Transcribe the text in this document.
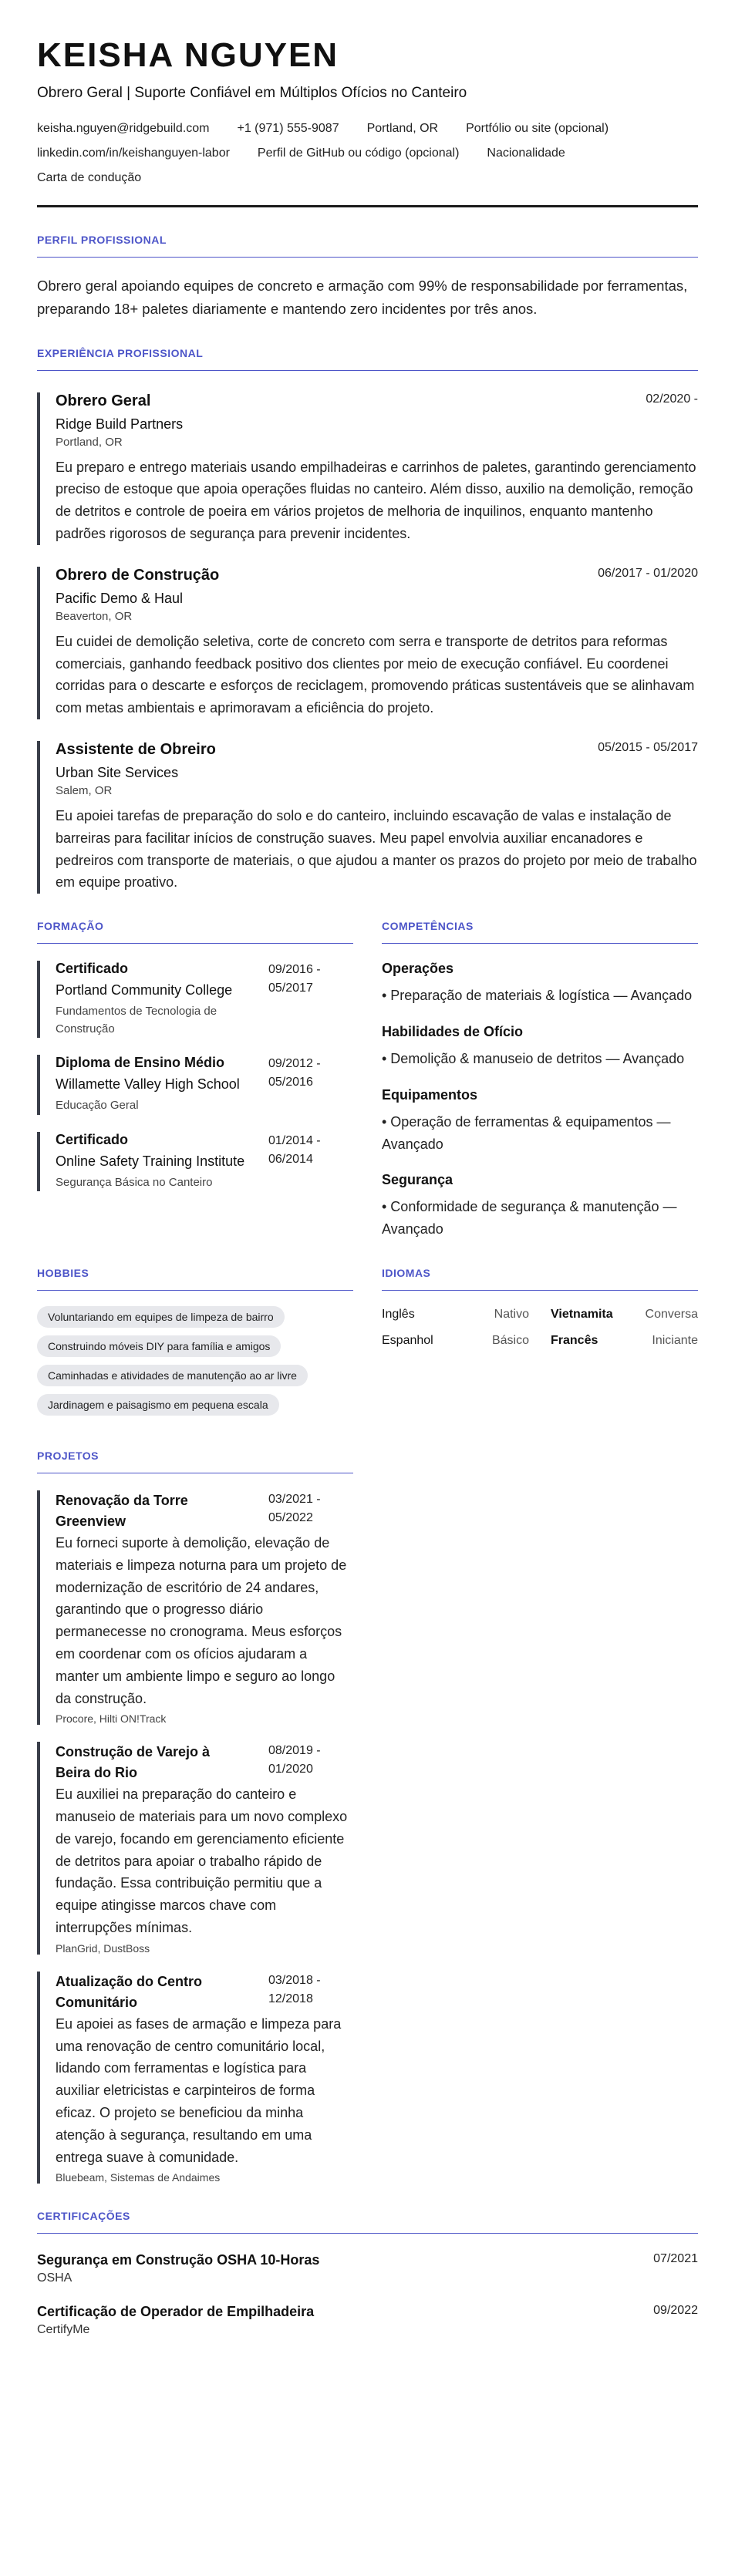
KEISHA NGUYEN
Obrero Geral | Suporte Confiável em Múltiplos Ofícios no Canteiro
keisha.nguyen@ridgebuild.com +1 (971) 555-9087 Portland, OR Portfólio ou site (opcional)
linkedin.com/in/keishanguyen-labor Perfil de GitHub ou código (opcional) Nacionalidade
Carta de condução
PERFIL PROFISSIONAL
Obrero geral apoiando equipes de concreto e armação com 99% de responsabilidade por ferramentas, preparando 18+ paletes diariamente e mantendo zero incidentes por três anos.
EXPERIÊNCIA PROFISSIONAL
Obrero Geral	02/2020 -
Ridge Build Partners
Portland, OR
Eu preparo e entrego materiais usando empilhadeiras e carrinhos de paletes, garantindo gerenciamento preciso de estoque que apoia operações fluidas no canteiro. Além disso, auxilio na demolição, remoção de detritos e controle de poeira em vários projetos de melhoria de inquilinos, enquanto mantenho padrões rigorosos de segurança para prevenir incidentes.
Obrero de Construção	06/2017 - 01/2020
Pacific Demo & Haul
Beaverton, OR
Eu cuidei de demolição seletiva, corte de concreto com serra e transporte de detritos para reformas comerciais, ganhando feedback positivo dos clientes por meio de execução confiável. Eu coordenei corridas para o descarte e esforços de reciclagem, promovendo práticas sustentáveis que se alinhavam com metas ambientais e aprimoravam a eficiência do projeto.
Assistente de Obreiro	05/2015 - 05/2017
Urban Site Services
Salem, OR
Eu apoiei tarefas de preparação do solo e do canteiro, incluindo escavação de valas e instalação de barreiras para facilitar inícios de construção suaves. Meu papel envolvia auxiliar encanadores e pedreiros com transporte de materiais, o que ajudou a manter os prazos do projeto por meio de trabalho em equipe proativo.
FORMAÇÃO
Certificado
Portland Community College
Fundamentos de Tecnologia de Construção
09/2016 - 05/2017
Diploma de Ensino Médio
Willamette Valley High School
Educação Geral
09/2012 - 05/2016
Certificado
Online Safety Training Institute
Segurança Básica no Canteiro
01/2014 - 06/2014
COMPETÊNCIAS
Operações
• Preparação de materiais & logística — Avançado
Habilidades de Ofício
• Demolição & manuseio de detritos — Avançado
Equipamentos
• Operação de ferramentas & equipamentos — Avançado
Segurança
• Conformidade de segurança & manutenção — Avançado
HOBBIES
Voluntariando em equipes de limpeza de bairro
Construindo móveis DIY para família e amigos
Caminhadas e atividades de manutenção ao ar livre
Jardinagem e paisagismo em pequena escala
IDIOMAS
Inglês	Nativo Vietnamita	Conversa
Espanhol	Básico Francês	Iniciante
PROJETOS
Renovação da Torre Greenview
03/2021 - 05/2022
Eu forneci suporte à demolição, elevação de materiais e limpeza noturna para um projeto de modernização de escritório de 24 andares, garantindo que o progresso diário permanecesse no cronograma. Meus esforços em coordenar com os ofícios ajudaram a manter um ambiente limpo e seguro ao longo da construção.
Procore, Hilti ON!Track
Construção de Varejo à Beira do Rio
08/2019 - 01/2020
Eu auxiliei na preparação do canteiro e manuseio de materiais para um novo complexo de varejo, focando em gerenciamento eficiente de detritos para apoiar o trabalho rápido de fundação. Essa contribuição permitiu que a equipe atingisse marcos chave com interrupções mínimas.
PlanGrid, DustBoss
Atualização do Centro Comunitário
03/2018 - 12/2018
Eu apoiei as fases de armação e limpeza para uma renovação de centro comunitário local, lidando com ferramentas e logística para auxiliar eletricistas e carpinteiros de forma eficaz. O projeto se beneficiou da minha atenção à segurança, resultando em uma entrega suave à comunidade.
Bluebeam, Sistemas de Andaimes
CERTIFICAÇÕES
Segurança em Construção OSHA 10-Horas
OSHA
07/2021
Certificação de Operador de Empilhadeira
CertifyMe
09/2022
